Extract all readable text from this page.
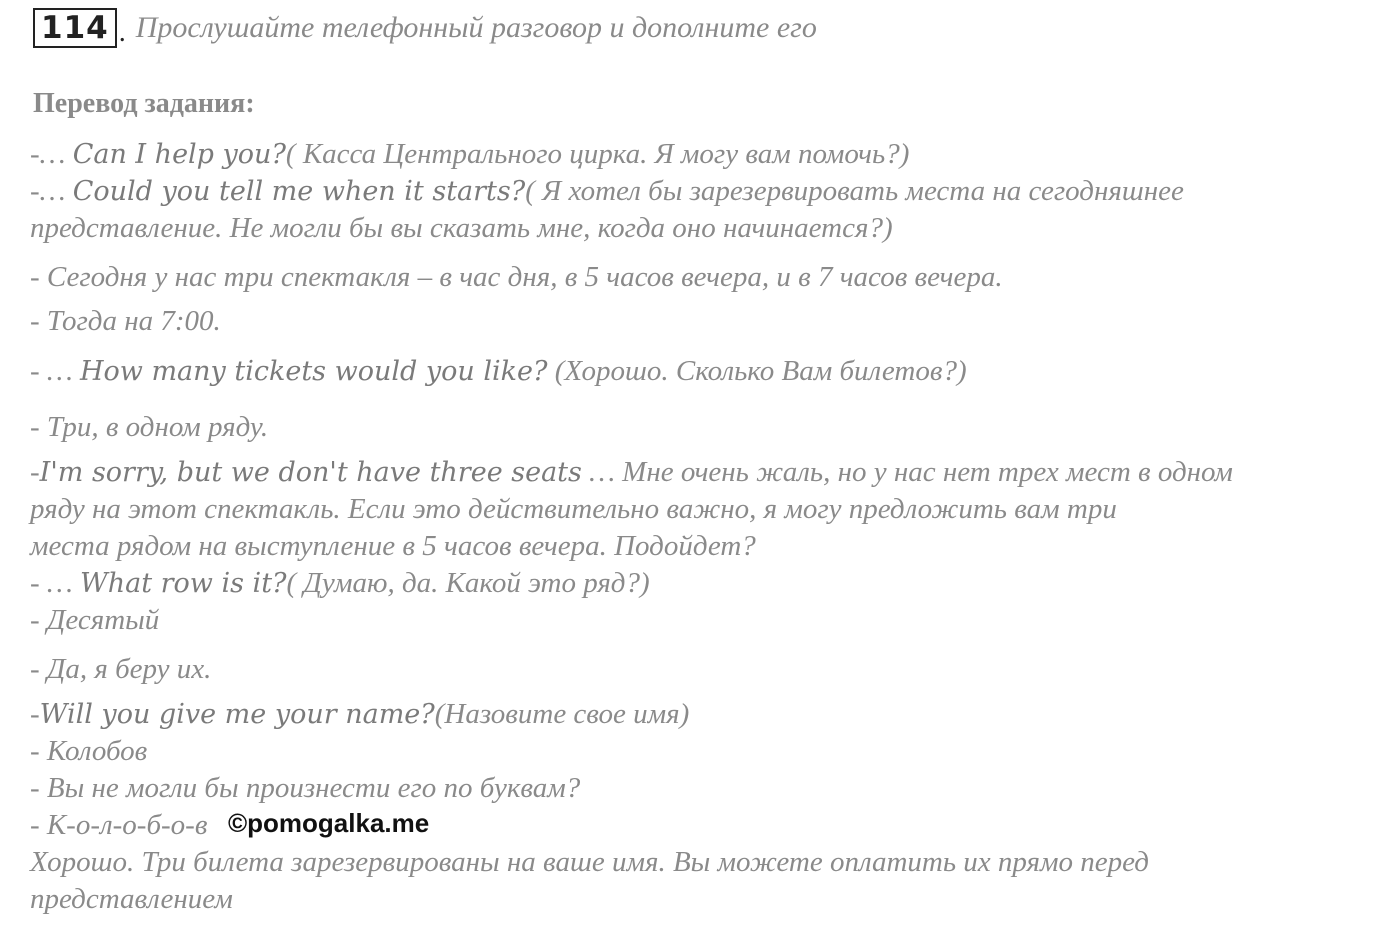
114 . Прослушайте телефонный разговор и дополните его
Перевод задания:
-… Can I help you?( Касса Центрального цирка. Я могу вам помочь?)
-… Could you tell me when it starts?( Я хотел бы зарезервировать места на сегодняшнее
представление. Не могли бы вы сказать мне, когда оно начинается?)
- Сегодня у нас три спектакля – в час дня, в 5 часов вечера, и в 7 часов вечера.
- Тогда на 7:00.
- … How many tickets would you like? (Хорошо. Сколько Вам билетов?)
- Три, в одном ряду.
-I'm sorry, but we don't have three seats … Мне очень жаль, но у нас нет трех мест в одном
ряду на этот спектакль. Если это действительно важно, я могу предложить вам три
места рядом на выступление в 5 часов вечера. Подойдет?
- … What row is it?( Думаю, да. Какой это ряд?)
- Десятый
- Да, я беру их.
-Will you give me your name?(Назовите свое имя)
- Колобов
- Вы не могли бы произнести его по буквам?
- К-о-л-о-б-о-в
Хорошо. Три билета зарезервированы на ваше имя. Вы можете оплатить их прямо перед
представлением
©pomogalka.me
